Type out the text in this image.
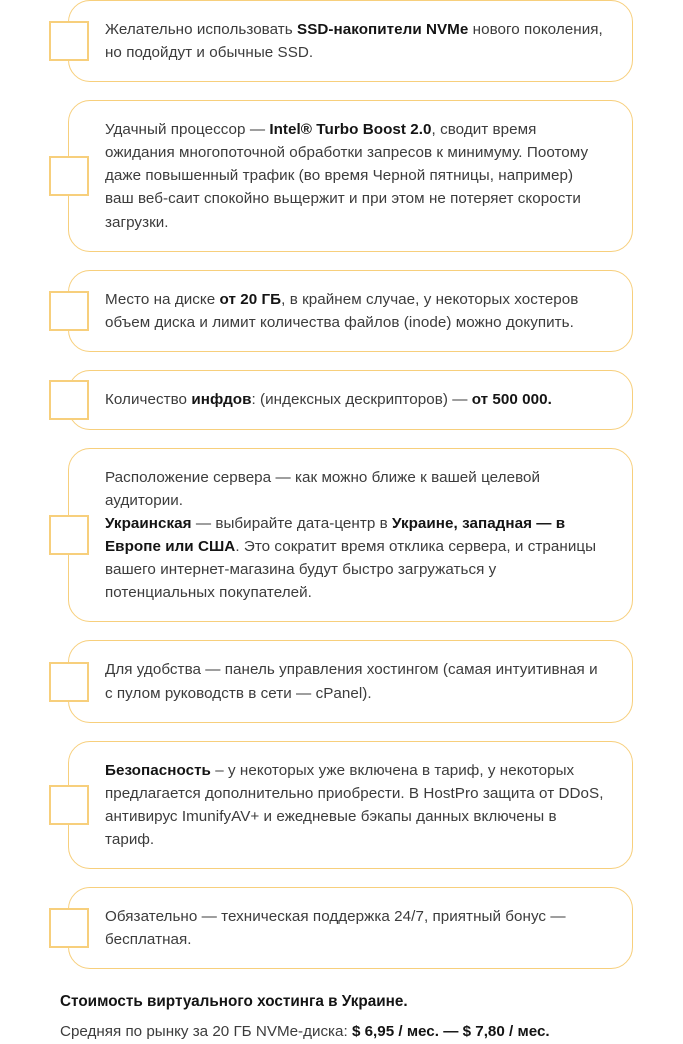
Желательно использовать SSD-накопители NVMe нового поколения, но подойдут и обычные SSD.
Удачный процессор — Intel® Turbo Boost 2.0, сводит время ожидания многопоточной обработки запресов к минимуму. Поотому даже повышенный трафик (во время Черной пятницы, например) ваш веб-саит спокойно вьщержит и при этом не потеряет скорости загрузки.
Место на диске от 20 ГБ, в крайнем случае, у некоторых хостеров объем диска и лимит количества файлов (inode) можно докупить.
Количество инфдов: (индексных дескрипторов) — от 500 000.
Расположение сервера — как можно ближе к вашей целевой аудитории.
Украинская — выбирайте дата-центр в Украине, западная — в Европе или США. Это сократит время отклика сервера, и страницы вашего интернет-магазина будут быстро загружаться у потенциальных покупателей.
Для удобства — панель управления хостингом (самая интуитивная и с пулом руководств в сети — cPanel).
Безопасность – у некоторых уже включена в тариф, у некоторых предлагается дополнительно приобрести. В HostPro защита от DDoS, антивирус ImunifyAV+ и ежедневые бэкапы данных включены в тариф.
Обязательно — техническая поддержка 24/7, приятный бонус — бесплатная.
Стоимость виртуального хостинга в Украине.
Средняя по рынку за 20 ГБ NVMe-диска: $ 6,95 / мес. — $ 7,80 / мес.
